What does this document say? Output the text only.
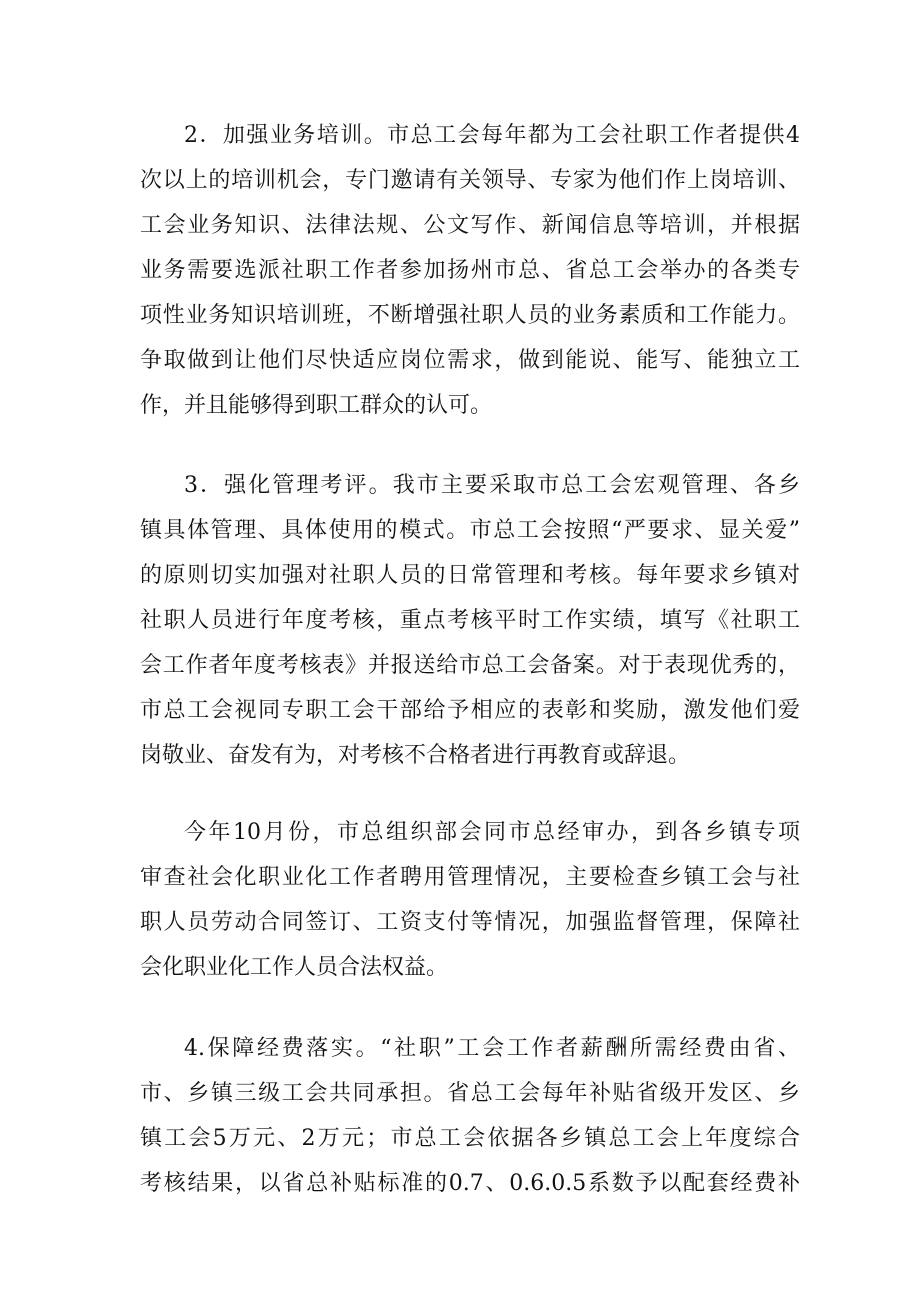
2．加强业务培训。市总工会每年都为工会社职工作者提供4
次以上的培训机会，专门邀请有关领导、专家为他们作上岗培训、
工会业务知识、法律法规、公文写作、新闻信息等培训，并根据
业务需要选派社职工作者参加扬州市总、省总工会举办的各类专
项性业务知识培训班，不断增强社职人员的业务素质和工作能力。
争取做到让他们尽快适应岗位需求，做到能说、能写、能独立工
作，并且能够得到职工群众的认可。
3．强化管理考评。我市主要采取市总工会宏观管理、各乡
镇具体管理、具体使用的模式。市总工会按照“严要求、显关爱”
的原则切实加强对社职人员的日常管理和考核。每年要求乡镇对
社职人员进行年度考核，重点考核平时工作实绩，填写《社职工
会工作者年度考核表》并报送给市总工会备案。对于表现优秀的，
市总工会视同专职工会干部给予相应的表彰和奖励，激发他们爱
岗敬业、奋发有为，对考核不合格者进行再教育或辞退。
今年10月份，市总组织部会同市总经审办，到各乡镇专项
审查社会化职业化工作者聘用管理情况，主要检查乡镇工会与社
职人员劳动合同签订、工资支付等情况，加强监督管理，保障社
会化职业化工作人员合法权益。
4.保障经费落实。“社职”工会工作者薪酬所需经费由省、
市、乡镇三级工会共同承担。省总工会每年补贴省级开发区、乡
镇工会5万元、2万元；市总工会依据各乡镇总工会上年度综合
考核结果，以省总补贴标准的0.7、0.6.0.5系数予以配套经费补
